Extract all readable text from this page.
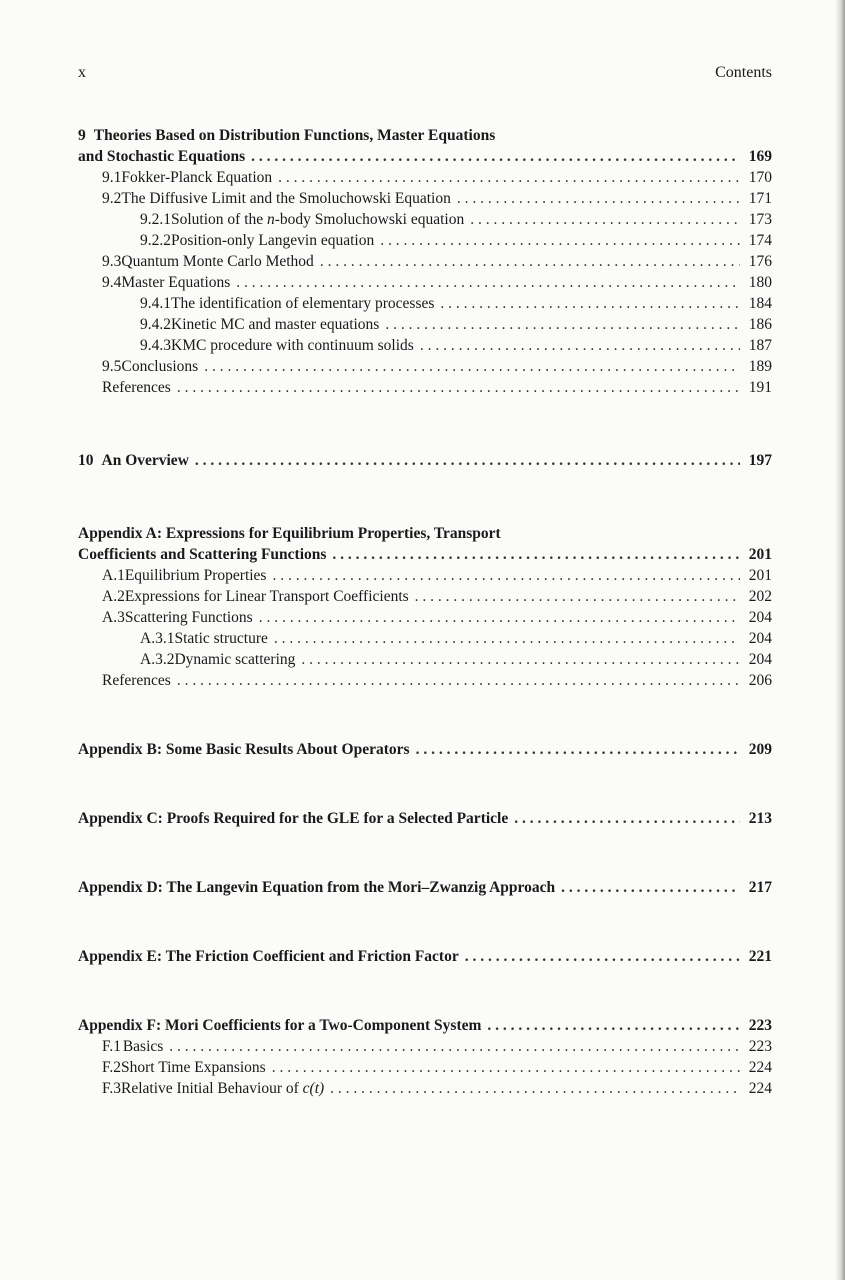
x	Contents
9 Theories Based on Distribution Functions, Master Equations
and Stochastic Equations . . .	169
9.1 Fokker-Planck Equation . . .	170
9.2 The Diffusive Limit and the Smoluchowski Equation . . .	171
9.2.1 Solution of the n-body Smoluchowski equation . . .	173
9.2.2 Position-only Langevin equation . . .	174
9.3 Quantum Monte Carlo Method . . .	176
9.4 Master Equations . . .	180
9.4.1 The identification of elementary processes . . .	184
9.4.2 Kinetic MC and master equations . . .	186
9.4.3 KMC procedure with continuum solids . . .	187
9.5 Conclusions . . .	189
References . . .	191
10 An Overview . . .	197
Appendix A: Expressions for Equilibrium Properties, Transport
Coefficients and Scattering Functions . . .	201
A.1 Equilibrium Properties . . .	201
A.2 Expressions for Linear Transport Coefficients . . .	202
A.3 Scattering Functions . . .	204
A.3.1 Static structure . . .	204
A.3.2 Dynamic scattering . . .	204
References . . .	206
Appendix B: Some Basic Results About Operators . . .	209
Appendix C: Proofs Required for the GLE for a Selected Particle . . .	213
Appendix D: The Langevin Equation from the Mori–Zwanzig Approach . . .	217
Appendix E: The Friction Coefficient and Friction Factor . . .	221
Appendix F: Mori Coefficients for a Two-Component System . . .	223
F.1 Basics . . .	223
F.2 Short Time Expansions . . .	224
F.3 Relative Initial Behaviour of c(t) . . .	224
